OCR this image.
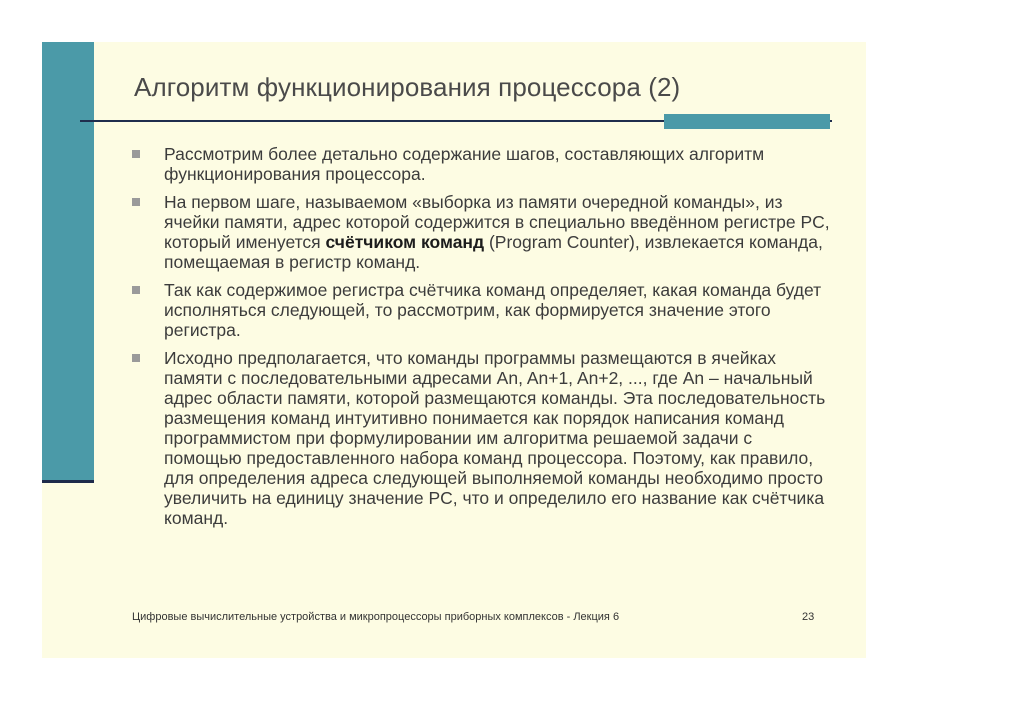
Алгоритм функционирования процессора (2)
Рассмотрим более детально содержание шагов, составляющих алгоритм функционирования процессора.
На первом шаге, называемом «выборка из памяти очередной команды», из ячейки памяти, адрес которой содержится в специально введённом регистре PC, который именуется счётчиком команд (Program Counter), извлекается команда, помещаемая в регистр команд.
Так как содержимое регистра счётчика команд определяет, какая команда будет исполняться следующей, то рассмотрим, как формируется значение этого регистра.
Исходно предполагается, что команды программы размещаются в ячейках памяти с последовательными адресами An, An+1, An+2, ..., где An – начальный адрес области памяти, которой размещаются команды. Эта последовательность размещения команд интуитивно понимается как порядок написания команд программистом при формулировании им алгоритма решаемой задачи с помощью предоставленного набора команд процессора. Поэтому, как правило, для определения адреса следующей выполняемой команды необходимо просто увеличить на единицу значение PC, что и определило его название как счётчика команд.
Цифровые вычислительные устройства и микропроцессоры приборных комплексов - Лекция 6	23
